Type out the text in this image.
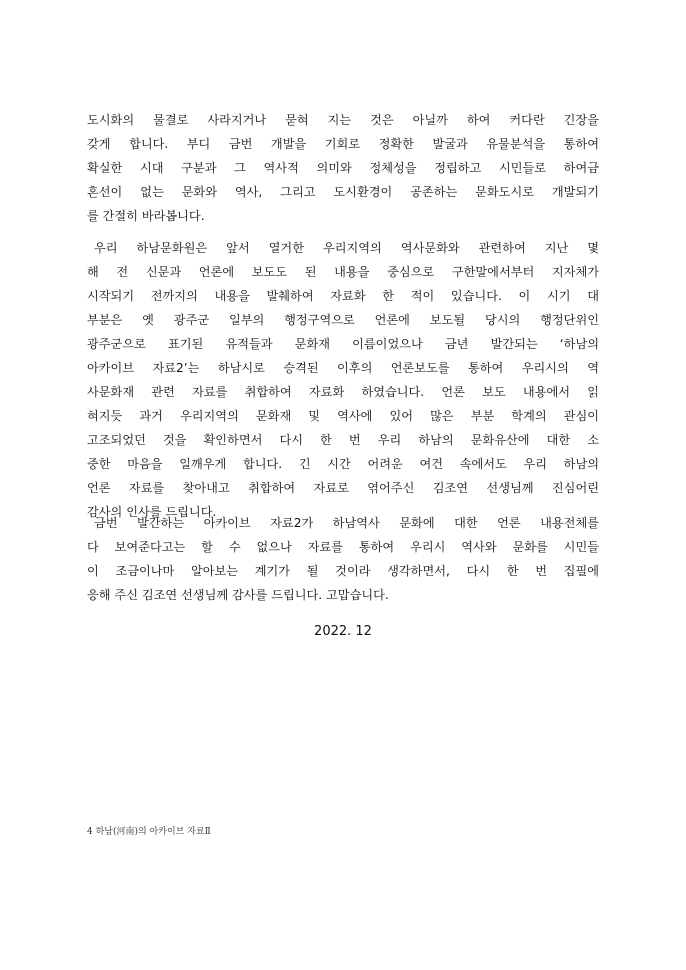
도시화의 물결로 사라지거나 묻혀 지는 것은 아닐까 하여 커다란 긴장을
갖게 합니다. 부디 금번 개발을 기회로 정확한 발굴과 유물분석을 통하여
확실한 시대 구분과 그 역사적 의미와 정체성을 정립하고 시민들로 하여금
혼선이 없는 문화와 역사, 그리고 도시환경이 공존하는 문화도시로 개발되기
를 간절히 바라봅니다.
우리 하남문화원은 앞서 열거한 우리지역의 역사문화와 관련하여 지난 몇
해 전 신문과 언론에 보도도 된 내용을 중심으로 구한말에서부터 지자체가
시작되기 전까지의 내용을 발췌하여 자료화 한 적이 있습니다. 이 시기 대
부분은 옛 광주군 일부의 행정구역으로 언론에 보도될 당시의 행정단위인
광주군으로 표기된 유적들과 문화재 이름이었으나 금년 발간되는 ‘하남의
아카이브 자료2’는 하남시로 승격된 이후의 언론보도를 통하여 우리시의 역
사문화재 관련 자료를 취합하여 자료화 하였습니다. 언론 보도 내용에서 읽
혀지듯 과거 우리지역의 문화재 및 역사에 있어 많은 부분 학계의 관심이
고조되었던 것을 확인하면서 다시 한 번 우리 하남의 문화유산에 대한 소
중한 마음을 일깨우게 합니다. 긴 시간 어려운 여건 속에서도 우리 하남의
언론 자료를 찾아내고 취합하여 자료로 엮어주신 김조연 선생님께 진심어린
감사의 인사를 드립니다.
금번 발간하는 아카이브 자료2가 하남역사 문화에 대한 언론 내용전체를
다 보여준다고는 할 수 없으나 자료를 통하여 우리시 역사와 문화를 시민들
이 조금이나마 알아보는 계기가 될 것이라 생각하면서, 다시 한 번 집필에
응해 주신 김조연 선생님께 감사를 드립니다. 고맙습니다.
2022. 12
4 하남(河南)의 아카이브 자료Ⅱ
